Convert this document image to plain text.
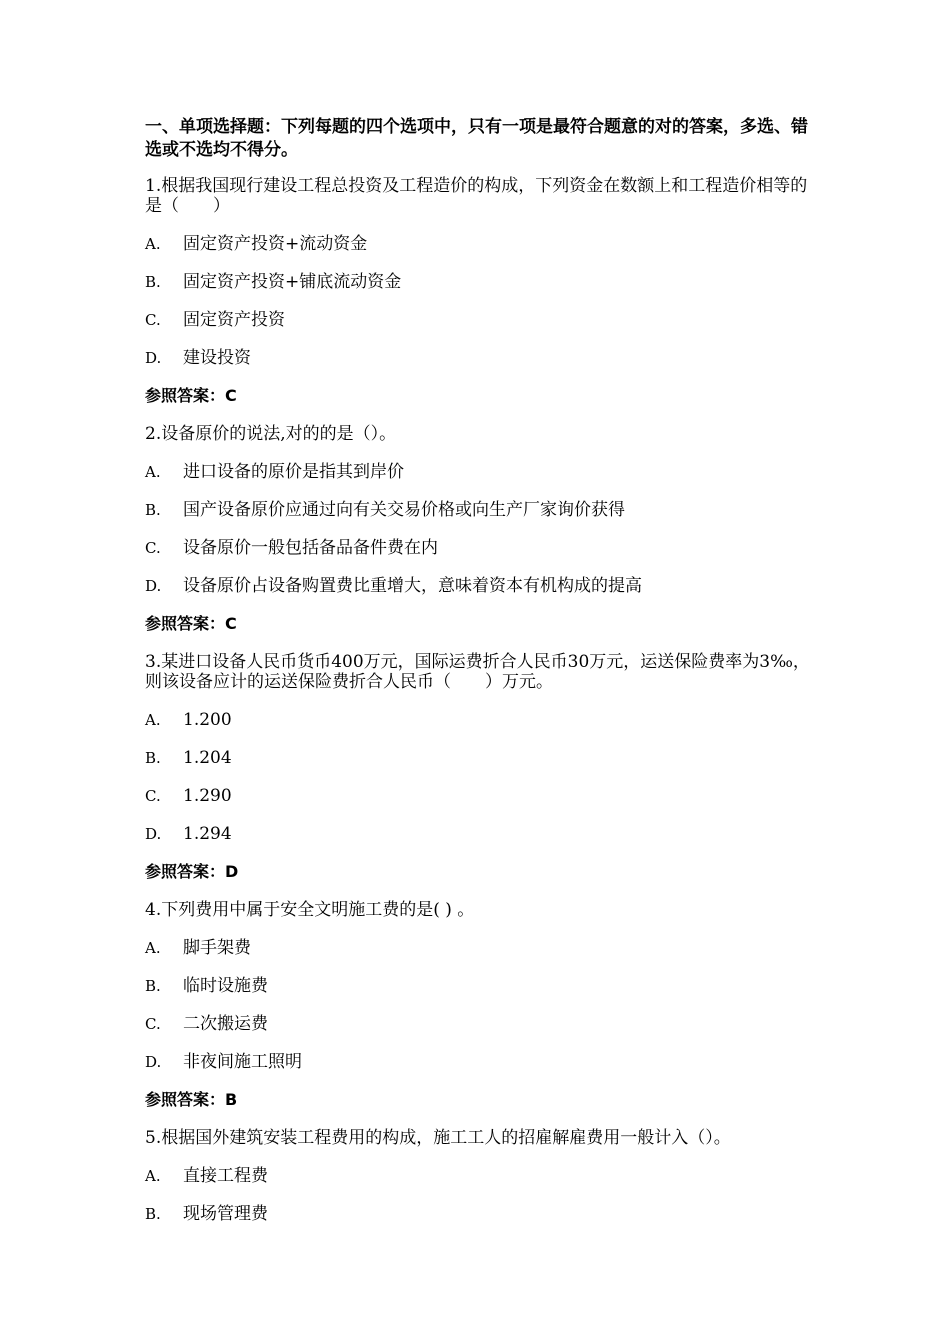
一、单项选择题：下列每题的四个选项中，只有一项是最符合题意的对的答案，多选、错选或不选均不得分。
1.根据我国现行建设工程总投资及工程造价的构成，下列资金在数额上和工程造价相等的是（　　）
A. 固定资产投资+流动资金
B. 固定资产投资+铺底流动资金
C. 固定资产投资
D. 建设投资
参照答案：C
2.设备原价的说法,对的的是（）。
A. 进口设备的原价是指其到岸价
B. 国产设备原价应通过向有关交易价格或向生产厂家询价获得
C. 设备原价一般包括备品备件费在内
D. 设备原价占设备购置费比重增大，意味着资本有机构成的提高
参照答案：C
3.某进口设备人民币货币400万元，国际运费折合人民币30万元，运送保险费率为3‰，则该设备应计的运送保险费折合人民币（　　）万元。
A. 1.200
B. 1.204
C. 1.290
D. 1.294
参照答案：D
4.下列费用中属于安全文明施工费的是( ) 。
A. 脚手架费
B. 临时设施费
C. 二次搬运费
D. 非夜间施工照明
参照答案：B
5.根据国外建筑安装工程费用的构成，施工工人的招雇解雇费用一般计入（）。
A. 直接工程费
B. 现场管理费
